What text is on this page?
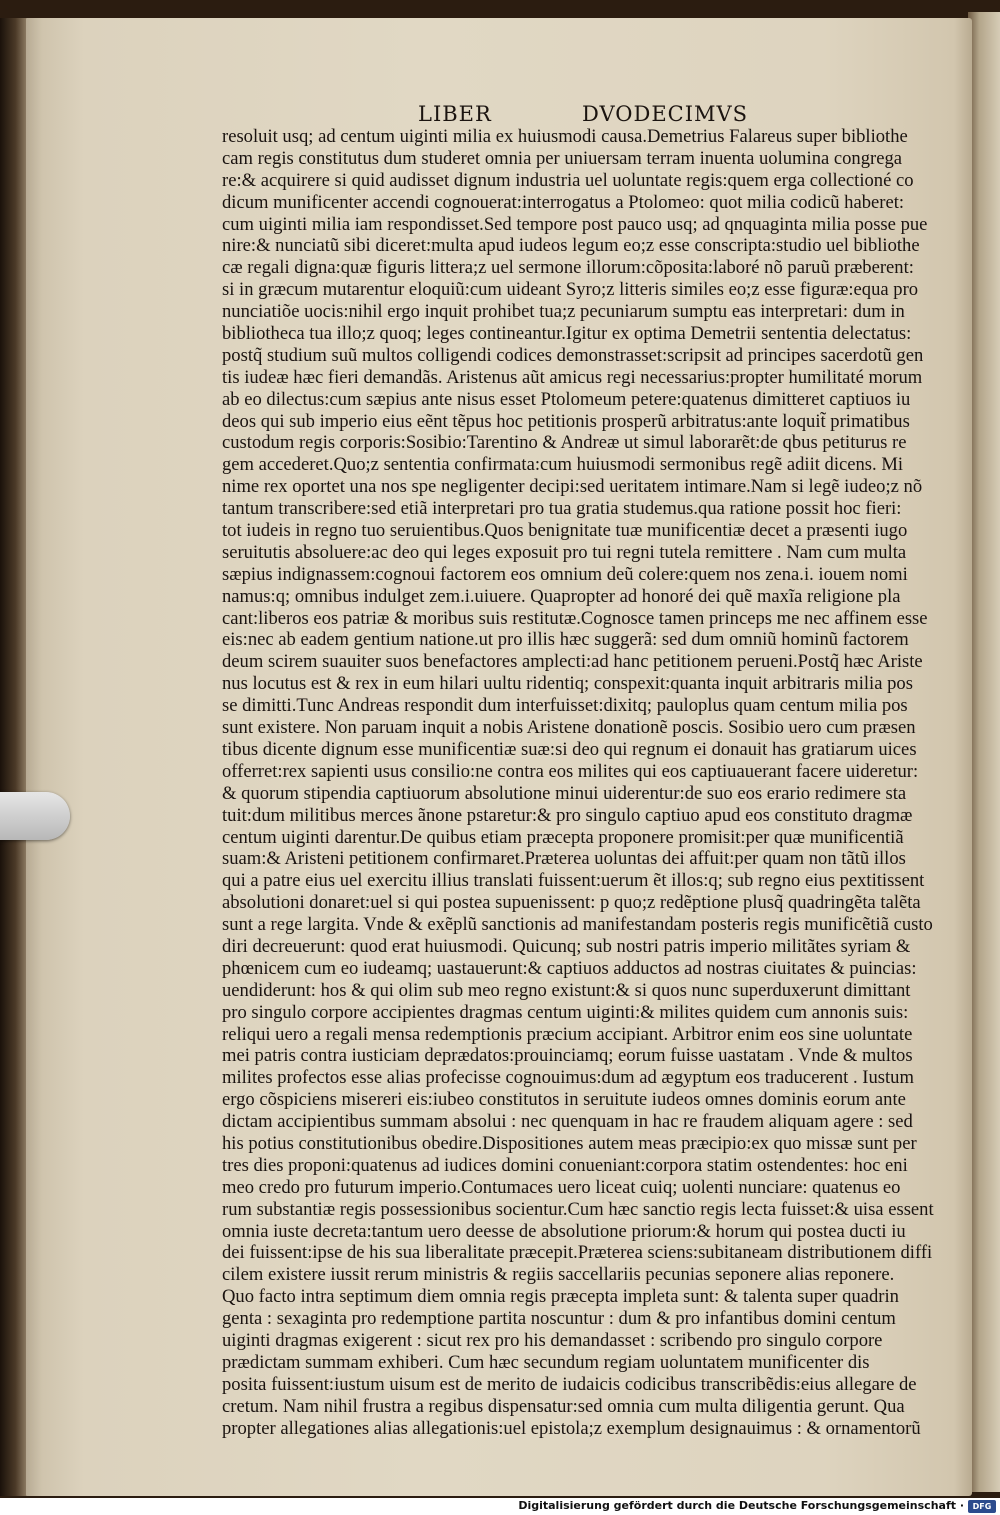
LIBER	DVODECIMVS
resoluit usq; ad centum uiginti milia ex huiusmodi causa.Demetrius Falareus super bibliothe
cam regis constitutus dum studeret omnia per uniuersam terram inuenta uolumina congrega
re:& acquirere si quid audisset dignum industria uel uoluntate regis:quem erga collectioné co
dicum munificenter accendi cognouerat:interrogatus a Ptolomeo: quot milia codicũ haberet:
cum uiginti milia iam respondisset.Sed tempore post pauco usq; ad qnquaginta milia posse pue
nire:& nunciatũ sibi diceret:multa apud iudeos legum eo;z esse conscripta:studio uel bibliothe
cæ regali digna:quæ figuris littera;z uel sermone illorum:cõposita:laboré nõ paruũ præberent:
si in græcum mutarentur eloquiũ:cum uideant Syro;z litteris similes eo;z esse figuræ:equa pro
nunciatiõe uocis:nihil ergo inquit prohibet tua;z pecuniarum sumptu eas interpretari: dum in
bibliotheca tua illo;z quoq; leges contineantur.Igitur ex optima Demetrii sententia delectatus:
postq̃ studium suũ multos colligendi codices demonstrasset:scripsit ad principes sacerdotũ gen
tis iudeæ hæc fieri demandãs. Aristenus aũt amicus regi necessarius:propter humilitaté morum
ab eo dilectus:cum sæpius ante nisus esset Ptolomeum petere:quatenus dimitteret captiuos iu
deos qui sub imperio eius eẽnt tẽpus hoc petitionis prosperũ arbitratus:ante loquit̃ primatibus
custodum regis corporis:Sosibio:Tarentino & Andreæ ut simul laborarẽt:de qbus petiturus re
gem accederet.Quo;z sententia confirmata:cum huiusmodi sermonibus regẽ adiit dicens. Mi
nime rex oportet una nos spe negligenter decipi:sed ueritatem intimare.Nam si legẽ iudeo;z nõ
tantum transcribere:sed etiã interpretari pro tua gratia studemus.qua ratione possit hoc fieri:
tot iudeis in regno tuo seruientibus.Quos benignitate tuæ munificentiæ decet a præsenti iugo
seruitutis absoluere:ac deo qui leges exposuit pro tui regni tutela remittere . Nam cum multa
sæpius indignassem:cognoui factorem eos omnium deũ colere:quem nos zena.i. iouem nomi
namus:q; omnibus indulget zem.i.uiuere. Quapropter ad honoré dei quẽ maxĩa religione pla
cant:liberos eos patriæ & moribus suis restitutæ.Cognosce tamen princeps me nec affinem esse
eis:nec ab eadem gentium natione.ut pro illis hæc suggerã: sed dum omniũ hominũ factorem
deum scirem suauiter suos benefactores amplecti:ad hanc petitionem perueni.Postq̃ hæc Ariste
nus locutus est & rex in eum hilari uultu ridentiq; conspexit:quanta inquit arbitraris milia pos
se dimitti.Tunc Andreas respondit dum interfuisset:dixitq; pauloplus quam centum milia pos
sunt existere. Non paruam inquit a nobis Aristene donationẽ poscis. Sosibio uero cum præsen
tibus dicente dignum esse munificentiæ suæ:si deo qui regnum ei donauit has gratiarum uices
offerret:rex sapienti usus consilio:ne contra eos milites qui eos captiuauerant facere uideretur:
& quorum stipendia captiuorum absolutione minui uiderentur:de suo eos erario redimere sta
tuit:dum militibus merces ãnone pstaretur:& pro singulo captiuo apud eos constituto dragmæ
centum uiginti darentur.De quibus etiam præcepta proponere promisit:per quæ munificentiã
suam:& Aristeni petitionem confirmaret.Præterea uoluntas dei affuit:per quam non tãtũ illos
qui a patre eius uel exercitu illius translati fuissent:uerum ẽt illos:q; sub regno eius pextitissent
absolutioni donaret:uel si qui postea supuenissent: p quo;z redẽptione plusq̃ quadringẽta talẽta
sunt a rege largita. Vnde & exẽplũ sanctionis ad manifestandam posteris regis munificẽtiã custo
diri decreuerunt: quod erat huiusmodi. Quicunq; sub nostri patris imperio militãtes syriam &
phœnicem cum eo iudeamq; uastauerunt:& captiuos adductos ad nostras ciuitates & puincias:
uendiderunt: hos & qui olim sub meo regno existunt:& si quos nunc superduxerunt dimittant
pro singulo corpore accipientes dragmas centum uiginti:& milites quidem cum annonis suis:
reliqui uero a regali mensa redemptionis præcium accipiant. Arbitror enim eos sine uoluntate
mei patris contra iusticiam deprædatos:prouinciamq; eorum fuisse uastatam . Vnde & multos
milites profectos esse alias profecisse cognouimus:dum ad ægyptum eos traducerent . Iustum
ergo cõspiciens misereri eis:iubeo constitutos in seruitute iudeos omnes dominis eorum ante
dictam accipientibus summam absolui : nec quenquam in hac re fraudem aliquam agere : sed
his potius constitutionibus obedire.Dispositiones autem meas præcipio:ex quo missæ sunt per
tres dies proponi:quatenus ad iudices domini conueniant:corpora statim ostendentes: hoc eni
meo credo pro futurum imperio.Contumaces uero liceat cuiq; uolenti nunciare: quatenus eo
rum substantiæ regis possessionibus socientur.Cum hæc sanctio regis lecta fuisset:& uisa essent
omnia iuste decreta:tantum uero deesse de absolutione priorum:& horum qui postea ducti iu
dei fuissent:ipse de his sua liberalitate præcepit.Præterea sciens:subitaneam distributionem diffi
cilem existere iussit rerum ministris & regiis saccellariis pecunias seponere alias reponere.
Quo facto intra septimum diem omnia regis præcepta impleta sunt: & talenta super quadrin
genta : sexaginta pro redemptione partita noscuntur : dum & pro infantibus domini centum
uiginti dragmas exigerent : sicut rex pro his demandasset : scribendo pro singulo corpore
prædictam summam exhiberi. Cum hæc secundum regiam uoluntatem munificenter dis
posita fuissent:iustum uisum est de merito de iudaicis codicibus transcribẽdis:eius allegare de
cretum. Nam nihil frustra a regibus dispensatur:sed omnia cum multa diligentia gerunt. Qua
propter allegationes alias allegationis:uel epistola;z exemplum designauimus : & ornamentorũ
Digitalisierung gefördert durch die Deutsche Forschungsgemeinschaft ·	DFG
